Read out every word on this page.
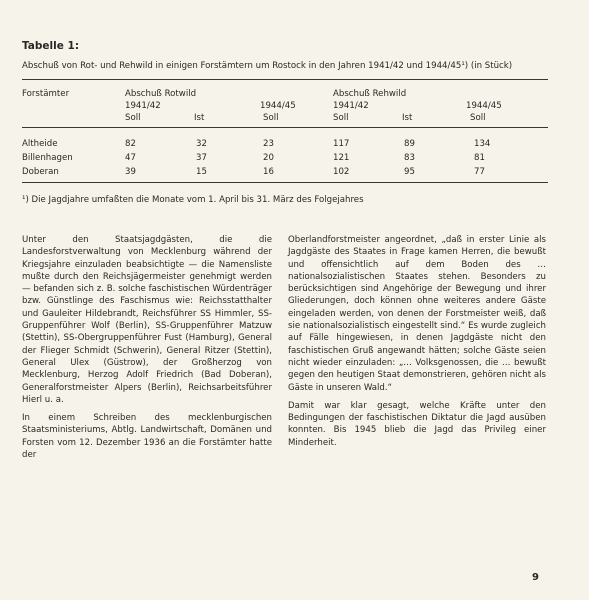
Tabelle 1:
Abschuß von Rot- und Rehwild in einigen Forstämtern um Rostock in den Jahren 1941/42 und 1944/45¹) (in Stück)
Forstämter	Abschuß Rotwild	Abschuß Rehwild
1941/42	1944/45	1941/42	1944/45
Soll	Ist	Soll	Soll	Ist	Soll
Altheide	82	32	23	117	89	134
Billenhagen	47	37	20	121	83	81
Doberan	39	15	16	102	95	77
¹) Die Jagdjahre umfaßten die Monate vom 1. April bis 31. März des Folgejahres

Unter den Staatsjagdgästen, die die Landesforstverwaltung von Mecklenburg während der Kriegsjahre einzuladen beabsichtigte — die Namensliste mußte durch den Reichsjägermeister genehmigt werden — befanden sich z. B. solche faschistischen Würdenträger bzw. Günstlinge des Faschismus wie: Reichsstatthalter und Gauleiter Hildebrandt, Reichsführer SS Himmler, SS-Gruppenführer Wolf (Berlin), SS-Gruppenführer Matzuw (Stettin), SS-Obergruppenführer Fust (Hamburg), General der Flieger Schmidt (Schwerin), General Ritzer (Stettin), General Ulex (Güstrow), der Großherzog von Mecklenburg, Herzog Adolf Friedrich (Bad Doberan), Generalforstmeister Alpers (Berlin), Reichsarbeitsführer Hierl u. a.

In einem Schreiben des mecklenburgischen Staatsministeriums, Abtlg. Landwirtschaft, Domänen und Forsten vom 12. Dezember 1936 an die Forstämter hatte der

Oberlandforstmeister angeordnet, „daß in erster Linie als Jagdgäste des Staates in Frage kamen Herren, die bewußt und offensichtlich auf dem Boden des … nationalsozialistischen Staates stehen. Besonders zu berücksichtigen sind Angehörige der Bewegung und ihrer Gliederungen, doch können ohne weiteres andere Gäste eingeladen werden, von denen der Forstmeister weiß, daß sie nationalsozialistisch eingestellt sind.“ Es wurde zugleich auf Fälle hingewiesen, in denen Jagdgäste nicht den faschistischen Gruß angewandt hätten; solche Gäste seien nicht wieder einzuladen: „… Volksgenossen, die … bewußt gegen den heutigen Staat demonstrieren, gehören nicht als Gäste in unseren Wald.“

Damit war klar gesagt, welche Kräfte unter den Bedingungen der faschistischen Diktatur die Jagd ausüben konnten. Bis 1945 blieb die Jagd das Privileg einer Minderheit.

9
